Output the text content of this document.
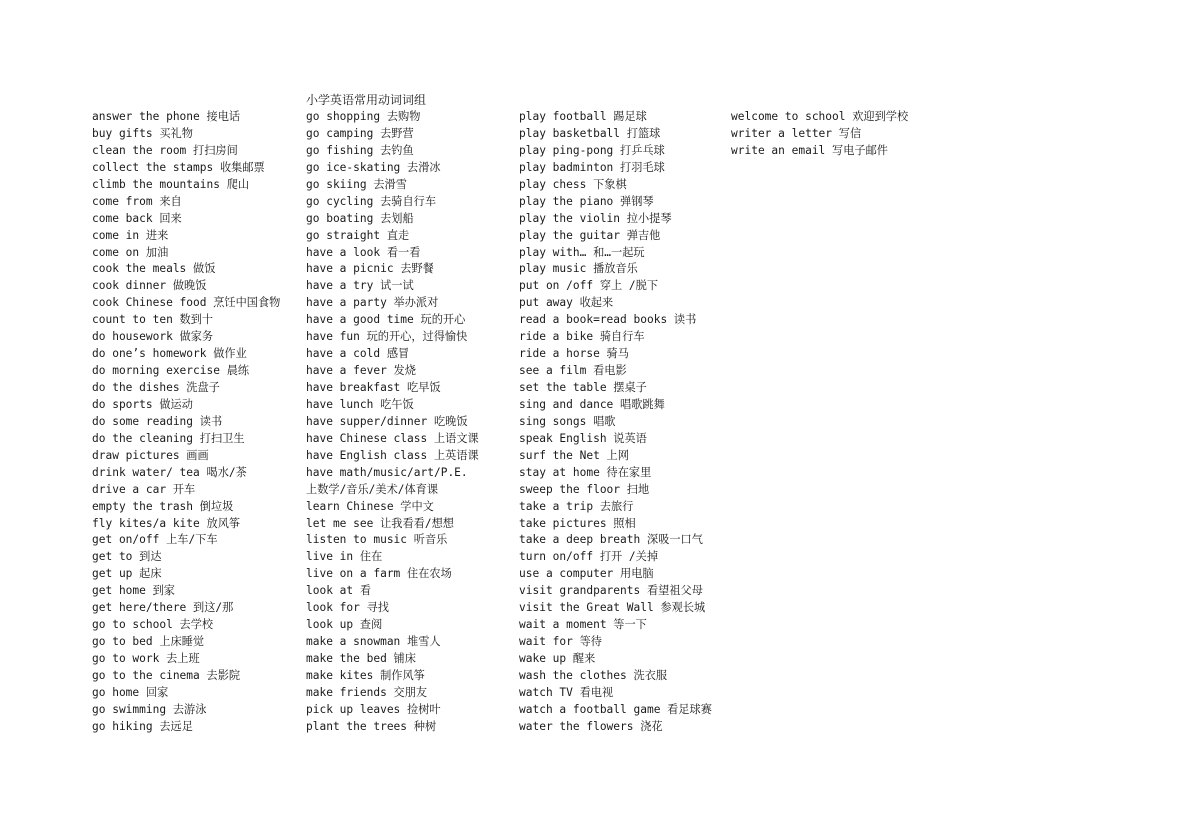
小学英语常用动词词组
answer the phone 接电话
buy gifts 买礼物
clean the room 打扫房间
collect the stamps 收集邮票
climb the mountains 爬山
come from 来自
come back 回来
come in 进来
come on 加油
cook the meals 做饭
cook dinner 做晚饭
cook Chinese food 烹饪中国食物
count to ten 数到十
do housework 做家务
do one’s homework 做作业
do morning exercise 晨练
do the dishes 洗盘子
do sports 做运动
do some reading 读书
do the cleaning 打扫卫生
draw pictures 画画
drink water/ tea 喝水/茶
drive a car 开车
empty the trash 倒垃圾
fly kites/a kite 放风筝
get on/off 上车/下车
get to 到达
get up 起床
get home 到家
get here/there 到这/那
go to school 去学校
go to bed 上床睡觉
go to work 去上班
go to the cinema 去影院
go home 回家
go swimming 去游泳
go hiking 去远足
go shopping 去购物
go camping 去野营
go fishing 去钓鱼
go ice-skating 去滑冰
go skiing 去滑雪
go cycling 去骑自行车
go boating 去划船
go straight 直走
have a look 看一看
have a picnic 去野餐
have a try 试一试
have a party 举办派对
have a good time 玩的开心
have fun 玩的开心，过得愉快
have a cold 感冒
have a fever 发烧
have breakfast 吃早饭
have lunch 吃午饭
have supper/dinner 吃晚饭
have Chinese class 上语文课
have English class 上英语课
have math/music/art/P.E.
上数学/音乐/美术/体育课
learn Chinese 学中文
let me see 让我看看/想想
listen to music 听音乐
live in 住在
live on a farm 住在农场
look at 看
look for 寻找
look up 查阅
make a snowman 堆雪人
make the bed 铺床
make kites 制作风筝
make friends 交朋友
pick up leaves 捡树叶
plant the trees 种树
play football 踢足球
play basketball 打篮球
play ping-pong 打乒乓球
play badminton 打羽毛球
play chess 下象棋
play the piano 弹钢琴
play the violin 拉小提琴
play the guitar 弹吉他
play with… 和…一起玩
play music 播放音乐
put on /off 穿上 /脱下
put away 收起来
read a book=read books 读书
ride a bike 骑自行车
ride a horse 骑马
see a film 看电影
set the table 摆桌子
sing and dance 唱歌跳舞
sing songs 唱歌
speak English 说英语
surf the Net 上网
stay at home 待在家里
sweep the floor 扫地
take a trip 去旅行
take pictures 照相
take a deep breath 深吸一口气
turn on/off 打开 /关掉
use a computer 用电脑
visit grandparents 看望祖父母
visit the Great Wall 参观长城
wait a moment 等一下
wait for 等待
wake up 醒来
wash the clothes 洗衣服
watch TV 看电视
watch a football game 看足球赛
water the flowers 浇花
welcome to school 欢迎到学校
writer a letter 写信
write an email 写电子邮件
